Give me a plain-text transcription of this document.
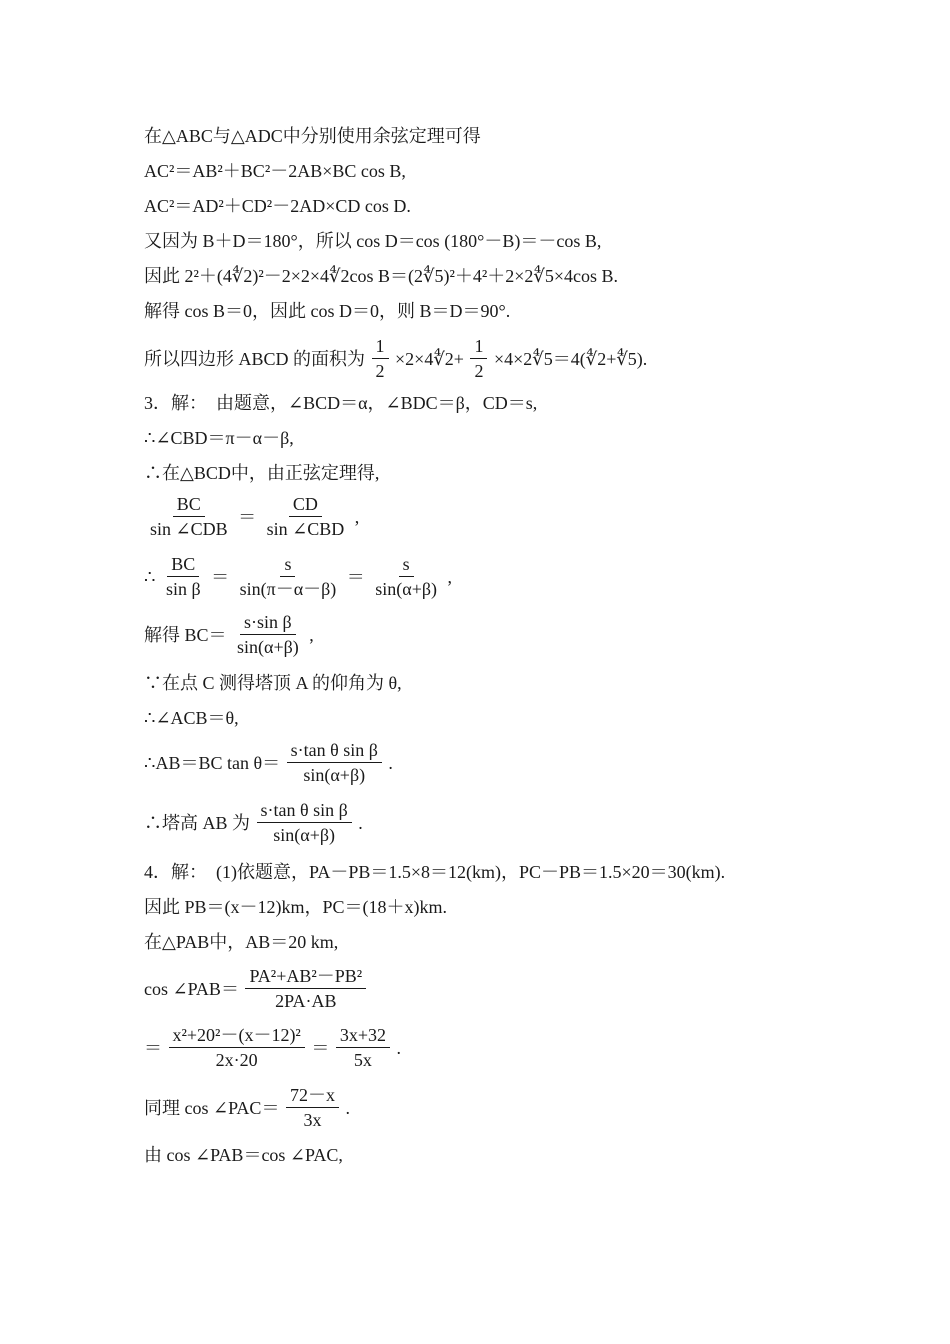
在△ABC与△ADC中分别使用余弦定理可得
AC²＝AB²＋BC²－2AB×BC cos B,
AC²＝AD²＋CD²－2AD×CD cos D.
又因为 B＋D＝180°，所以 cos D＝cos (180°－B)＝－cos B,
因此 2²＋(4∜2)²－2×2×4∜2cos B＝(2∜5)²＋4²＋2×2∜5×4cos B.
解得 cos B＝0，因此 cos D＝0，则 B＝D＝90°.
所以四边形 ABCD 的面积为 $\frac{1}{2}$ ×2×4∜2+ $\frac{1}{2}$ ×4×2∜5＝4(∜2+∜5).
3．解：　由题意，∠BCD＝α，∠BDC＝β，CD＝s,
∴∠CBD＝π－α－β,
∴在△BCD中，由正弦定理得,
$\frac{BC}{\text{sin ∠CDB}} = \frac{CD}{\text{sin ∠CBD}}$ ,
∴ $\frac{BC}{\text{sin β}} = \frac{s}{\sin(\pi-\alpha-\beta)} = \frac{s}{\sin(\alpha+\beta)}$ ,
解得 $BC= \frac{\text{s·sin β}}{\sin(\alpha+\beta)}$ ,
∵在点 C 测得塔顶 A 的仰角为 θ,
∴∠ACB＝θ,
∴AB＝BC $\tan \theta= \frac{\text{s·tan θ sin β}}{\sin(\alpha+\beta)}$ .
∴塔高 AB 为 $\frac{\text{s·tan θ sin β}}{\sin(\alpha+\beta)}$ .
4．解：　(1)依题意，PA－PB＝1.5×8＝12(km)，PC－PB＝1.5×20＝30(km).
因此 PB＝(x－12)km，PC＝(18＋x)km.
在△PAB中，AB＝20 km,
cos ∠PAB＝ $\frac{\text{PA²+AB²－PB²}}{2PA\cdot AB}$
＝ $\frac{\text{x²+20²－(x－12)²}}{2x\cdot 20} = \frac{3x+32}{5x}$ .
同理 cos ∠PAC＝ $\frac{72-x}{3x}$ .
由 cos ∠PAB＝cos ∠PAC,
